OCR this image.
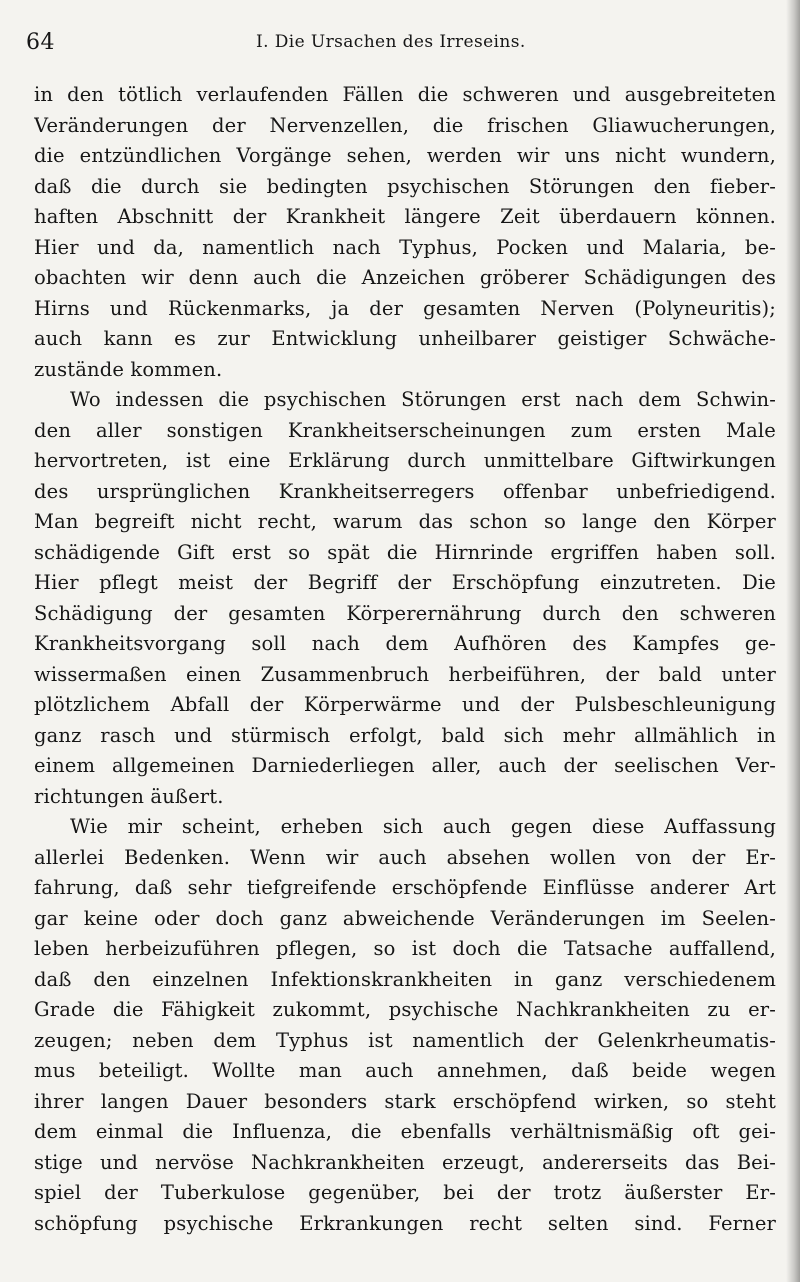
64	I. Die Ursachen des Irreseins.
in den tötlich verlaufenden Fällen die schweren und ausgebreiteten
Veränderungen der Nervenzellen, die frischen Gliawucherungen,
die entzündlichen Vorgänge sehen, werden wir uns nicht wundern,
daß die durch sie bedingten psychischen Störungen den fieber-
haften Abschnitt der Krankheit längere Zeit überdauern können.
Hier und da, namentlich nach Typhus, Pocken und Malaria, be-
obachten wir denn auch die Anzeichen gröberer Schädigungen des
Hirns und Rückenmarks, ja der gesamten Nerven (Polyneuritis);
auch kann es zur Entwicklung unheilbarer geistiger Schwäche-
zustände kommen.
Wo indessen die psychischen Störungen erst nach dem Schwin-
den aller sonstigen Krankheitserscheinungen zum ersten Male
hervortreten, ist eine Erklärung durch unmittelbare Giftwirkungen
des ursprünglichen Krankheitserregers offenbar unbefriedigend.
Man begreift nicht recht, warum das schon so lange den Körper
schädigende Gift erst so spät die Hirnrinde ergriffen haben soll.
Hier pflegt meist der Begriff der Erschöpfung einzutreten. Die
Schädigung der gesamten Körperernährung durch den schweren
Krankheitsvorgang soll nach dem Aufhören des Kampfes ge-
wissermaßen einen Zusammenbruch herbeiführen, der bald unter
plötzlichem Abfall der Körperwärme und der Pulsbeschleunigung
ganz rasch und stürmisch erfolgt, bald sich mehr allmählich in
einem allgemeinen Darniederliegen aller, auch der seelischen Ver-
richtungen äußert.
Wie mir scheint, erheben sich auch gegen diese Auffassung
allerlei Bedenken. Wenn wir auch absehen wollen von der Er-
fahrung, daß sehr tiefgreifende erschöpfende Einflüsse anderer Art
gar keine oder doch ganz abweichende Veränderungen im Seelen-
leben herbeizuführen pflegen, so ist doch die Tatsache auffallend,
daß den einzelnen Infektionskrankheiten in ganz verschiedenem
Grade die Fähigkeit zukommt, psychische Nachkrankheiten zu er-
zeugen; neben dem Typhus ist namentlich der Gelenkrheumatis-
mus beteiligt. Wollte man auch annehmen, daß beide wegen
ihrer langen Dauer besonders stark erschöpfend wirken, so steht
dem einmal die Influenza, die ebenfalls verhältnismäßig oft gei-
stige und nervöse Nachkrankheiten erzeugt, andererseits das Bei-
spiel der Tuberkulose gegenüber, bei der trotz äußerster Er-
schöpfung psychische Erkrankungen recht selten sind. Ferner
